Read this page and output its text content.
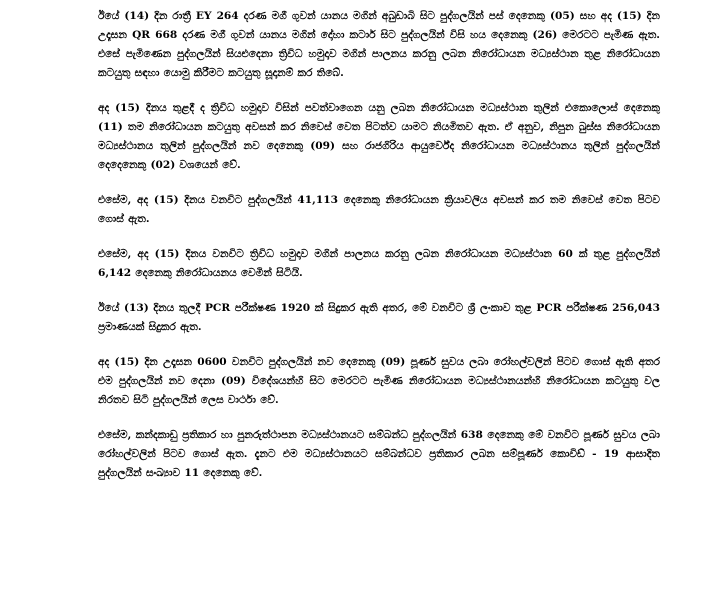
ඊයේ (14) දින රාත්‍රී EY 264 දරණ මගී ගුවන් යානය මගින් අබුඩාබි සිට පුද්ගලයින් පස් දෙනෙකු (05) සහ අද (15) දින උදෑසන QR 668 දරණ මගී ගුවන් යානය මගින් දෝහා කටාර් සිට පුද්ගලයින් විසි හය දෙනෙකු (26) මෙරටට පැමිණ ඇත. එසේ පැමිණෙන පුද්ගලයින් සියළුදෙනා ත්‍රිවිධ හමුදාව මගින් පාලනය කරනු ලබන නිරෝධායන මධ්‍යස්ථාන තුළ නිරෝධායන කටයුතු සඳහා යොමු කිරීමට කටයුතු සූදානම් කර තිබේ.

අද (15) දිනය තුළදී ද ත්‍රිවිධ හමුදාව විසින් පවත්වාගෙන යනු ලබන නිරෝධායන මධ්‍යස්ථාන තුලින් එකොලොස් දෙනෙකු (11) තම නිරෝධායන කටයුතු අවසන් කර නිවෙස් වෙත පිටත්ව යාමට නියමිතව ඇත. ඒ අනුව, නිපුන බුස්ස නිරෝධායන මධ්‍යස්ථානය තුලින් පුද්ගලයින් නව දෙනෙකු (09) සහ රාජගිරිය ආයුර්වේද නිරෝධායන මධ්‍යස්ථානය තුලින් පුද්ගලයින් දෙදෙනෙකු (02) වශයෙන් වේ.

එසේම, අද (15) දිනය වනවිට පුද්ගලයින් 41,113 දෙනෙකු නිරෝධායන ක්‍රියාවලිය අවසන් කර තම නිවෙස් වෙත පිටව ගොස් ඇත.

එසේම, අද (15) දිනය වනවිට ත්‍රිවිධ හමුදාව මගින් පාලනය කරනු ලබන නිරෝධායන මධ්‍යස්ථාන 60 ක් තුළ පුද්ගලයින් 6,142 දෙනෙකු නිරෝධායනය වෙමින් සිටියි.

ඊයේ (13) දිනය තුලදී PCR පරීක්ෂණ 1920 ක් සිදුකර ඇති අතර, මේ වනවිට ශ්‍රී ලංකාව තුළ PCR පරීක්ෂණ 256,043 ප්‍රමාණයක් සිදුකර ඇත.

අද (15) දින උදෑසන 0600 වනවිට පුද්ගලයින් නව දෙනෙකු (09) පූර්ණ සුවය ලබා රෝහල්වලින් පිටව ගොස් ඇති අතර එම පුද්ගලයින් නව දෙනා (09) විදේශයන්හි සිට මෙරටට පැමිණ නිරෝධායන මධ්‍යස්ථානයන්හි නිරෝධායන කටයුතු වල නිරතව සිටි පුද්ගලයින් ලෙස වාර්ථා වේ.

එසේම, කන්දකාඩු ප්‍රතිකාර හා පුනරුත්ථාපන මධ්‍යස්ථානයට සම්බන්ධ පුද්ගලයින් 638 දෙනෙකු මේ වනවිට පූර්ණ සුවය ලබා රෝහල්වලින් පිටව ගොස් ඇත. දැනට එම මධ්‍යස්ථානයට සම්බන්ධව ප්‍රතිකාර ලබන සම්පූර්ණ කොවිඩ් - 19 ආසාදිත පුද්ගලයින් සංඛ්‍යාව 11 දෙනෙකු වේ.
